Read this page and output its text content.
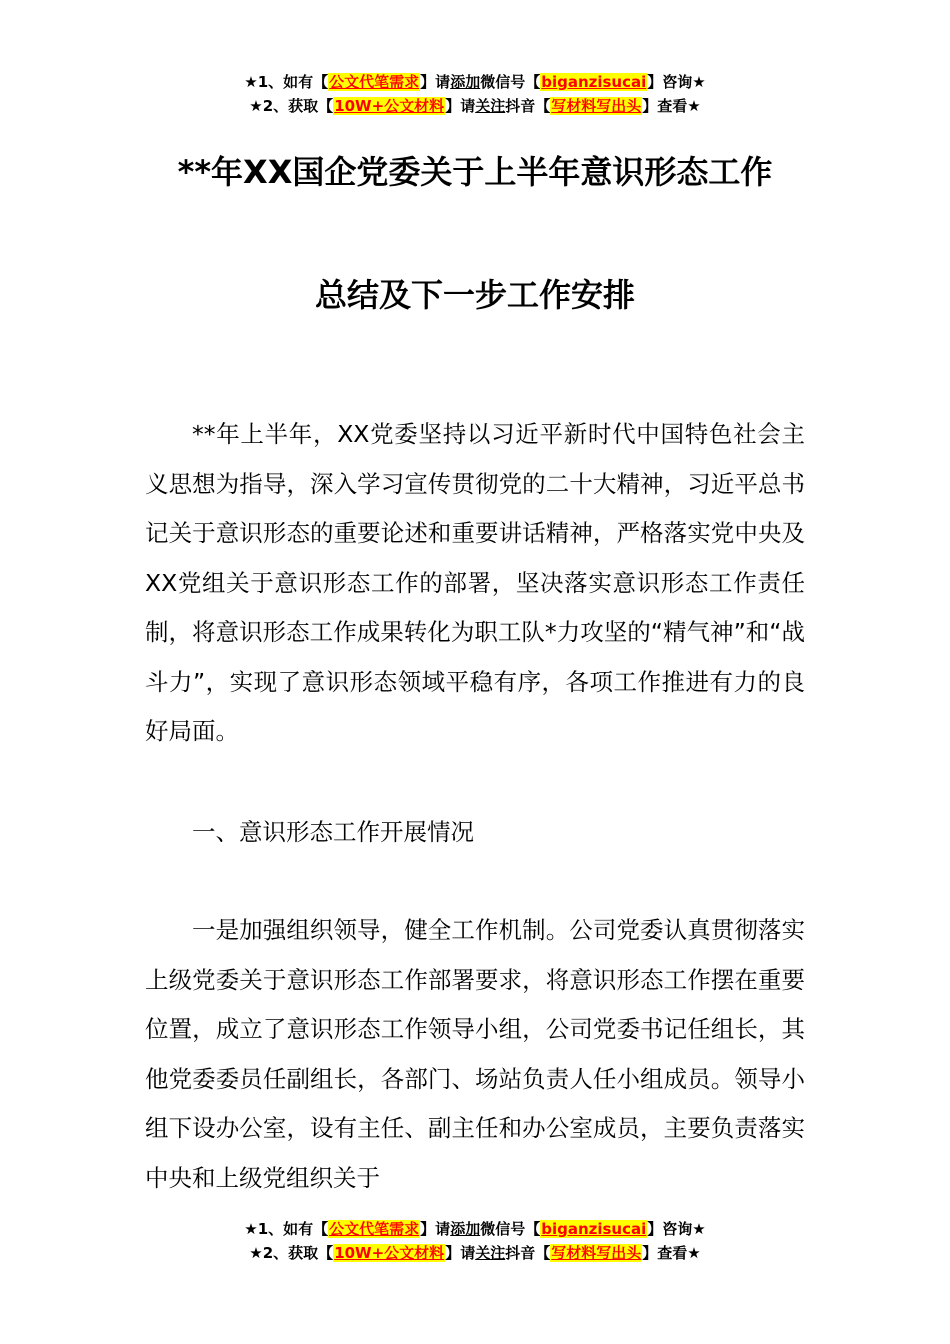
★1、如有【公文代笔需求】请添加微信号【biganzisucai】咨询★
★2、获取【10W+公文材料】请关注抖音【写材料写出头】查看★
**年XX国企党委关于上半年意识形态工作
总结及下一步工作安排

**年上半年，XX党委坚持以习近平新时代中国特色社会主义思想为指导，深入学习宣传贯彻党的二十大精神，习近平总书记关于意识形态的重要论述和重要讲话精神，严格落实党中央及XX党组关于意识形态工作的部署，坚决落实意识形态工作责任制，将意识形态工作成果转化为职工队*力攻坚的“精气神”和“战斗力”，实现了意识形态领域平稳有序，各项工作推进有力的良好局面。

一、意识形态工作开展情况

一是加强组织领导，健全工作机制。公司党委认真贯彻落实上级党委关于意识形态工作部署要求，将意识形态工作摆在重要位置，成立了意识形态工作领导小组，公司党委书记任组长，其他党委委员任副组长，各部门、场站负责人任小组成员。领导小组下设办公室，设有主任、副主任和办公室成员，主要负责落实中央和上级党组织关于

★1、如有【公文代笔需求】请添加微信号【biganzisucai】咨询★
★2、获取【10W+公文材料】请关注抖音【写材料写出头】查看★
